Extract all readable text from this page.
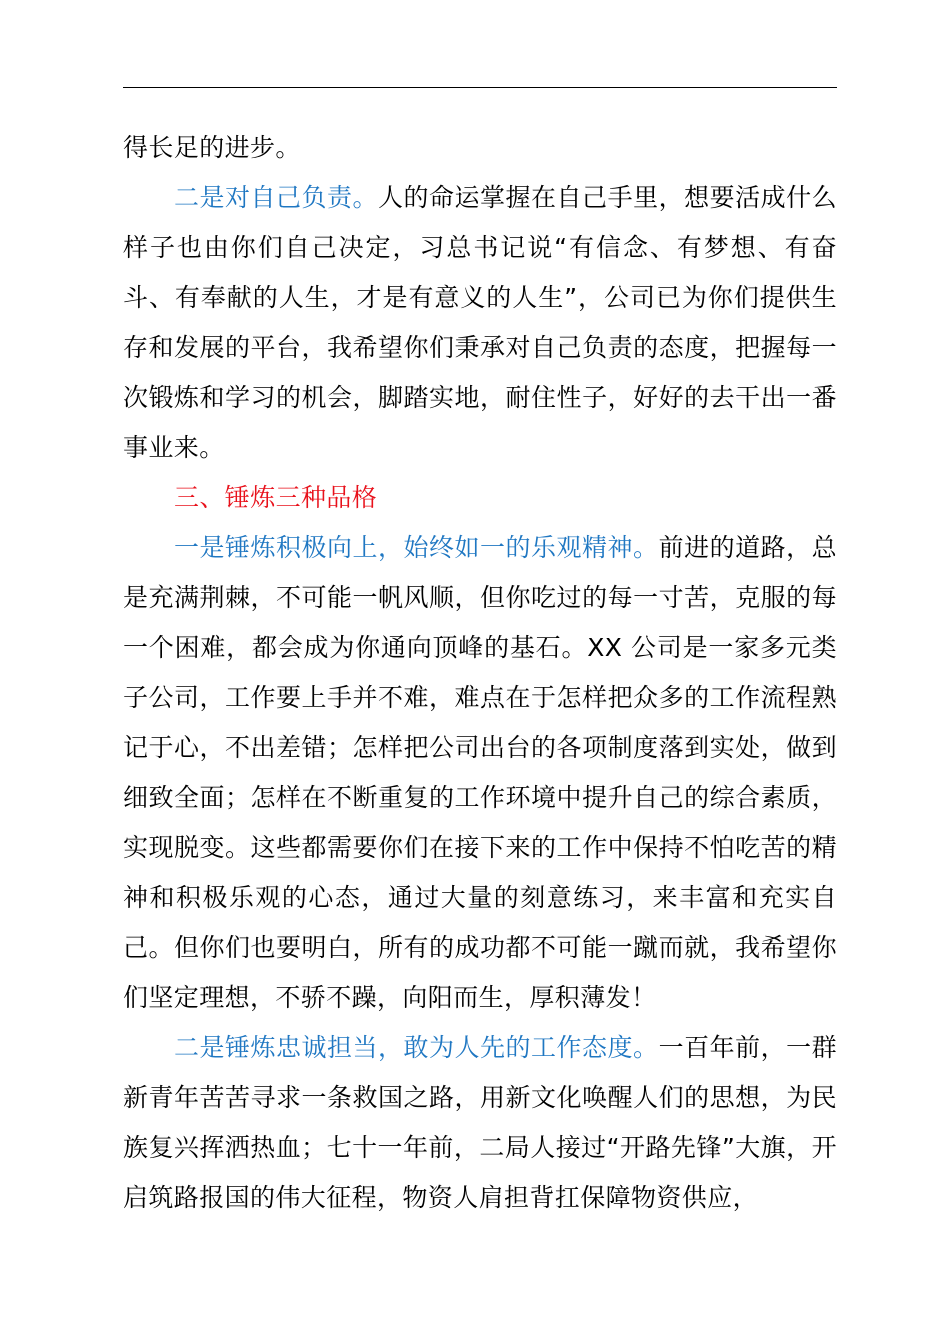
得长足的进步。

二是对自己负责。人的命运掌握在自己手里，想要活成什么样子也由你们自己决定，习总书记说“有信念、有梦想、有奋斗、有奉献的人生，才是有意义的人生”，公司已为你们提供生存和发展的平台，我希望你们秉承对自己负责的态度，把握每一次锻炼和学习的机会，脚踏实地，耐住性子，好好的去干出一番事业来。

三、锤炼三种品格

一是锤炼积极向上，始终如一的乐观精神。前进的道路，总是充满荆棘，不可能一帆风顺，但你吃过的每一寸苦，克服的每一个困难，都会成为你通向顶峰的基石。XX 公司是一家多元类子公司，工作要上手并不难，难点在于怎样把众多的工作流程熟记于心，不出差错；怎样把公司出台的各项制度落到实处，做到细致全面；怎样在不断重复的工作环境中提升自己的综合素质，实现脱变。这些都需要你们在接下来的工作中保持不怕吃苦的精神和积极乐观的心态，通过大量的刻意练习，来丰富和充实自己。但你们也要明白，所有的成功都不可能一蹴而就，我希望你们坚定理想，不骄不躁，向阳而生，厚积薄发！

二是锤炼忠诚担当，敢为人先的工作态度。一百年前，一群新青年苦苦寻求一条救国之路，用新文化唤醒人们的思想，为民族复兴挥洒热血；七十一年前，二局人接过“开路先锋”大旗，开启筑路报国的伟大征程，物资人肩担背扛保障物资供应，
